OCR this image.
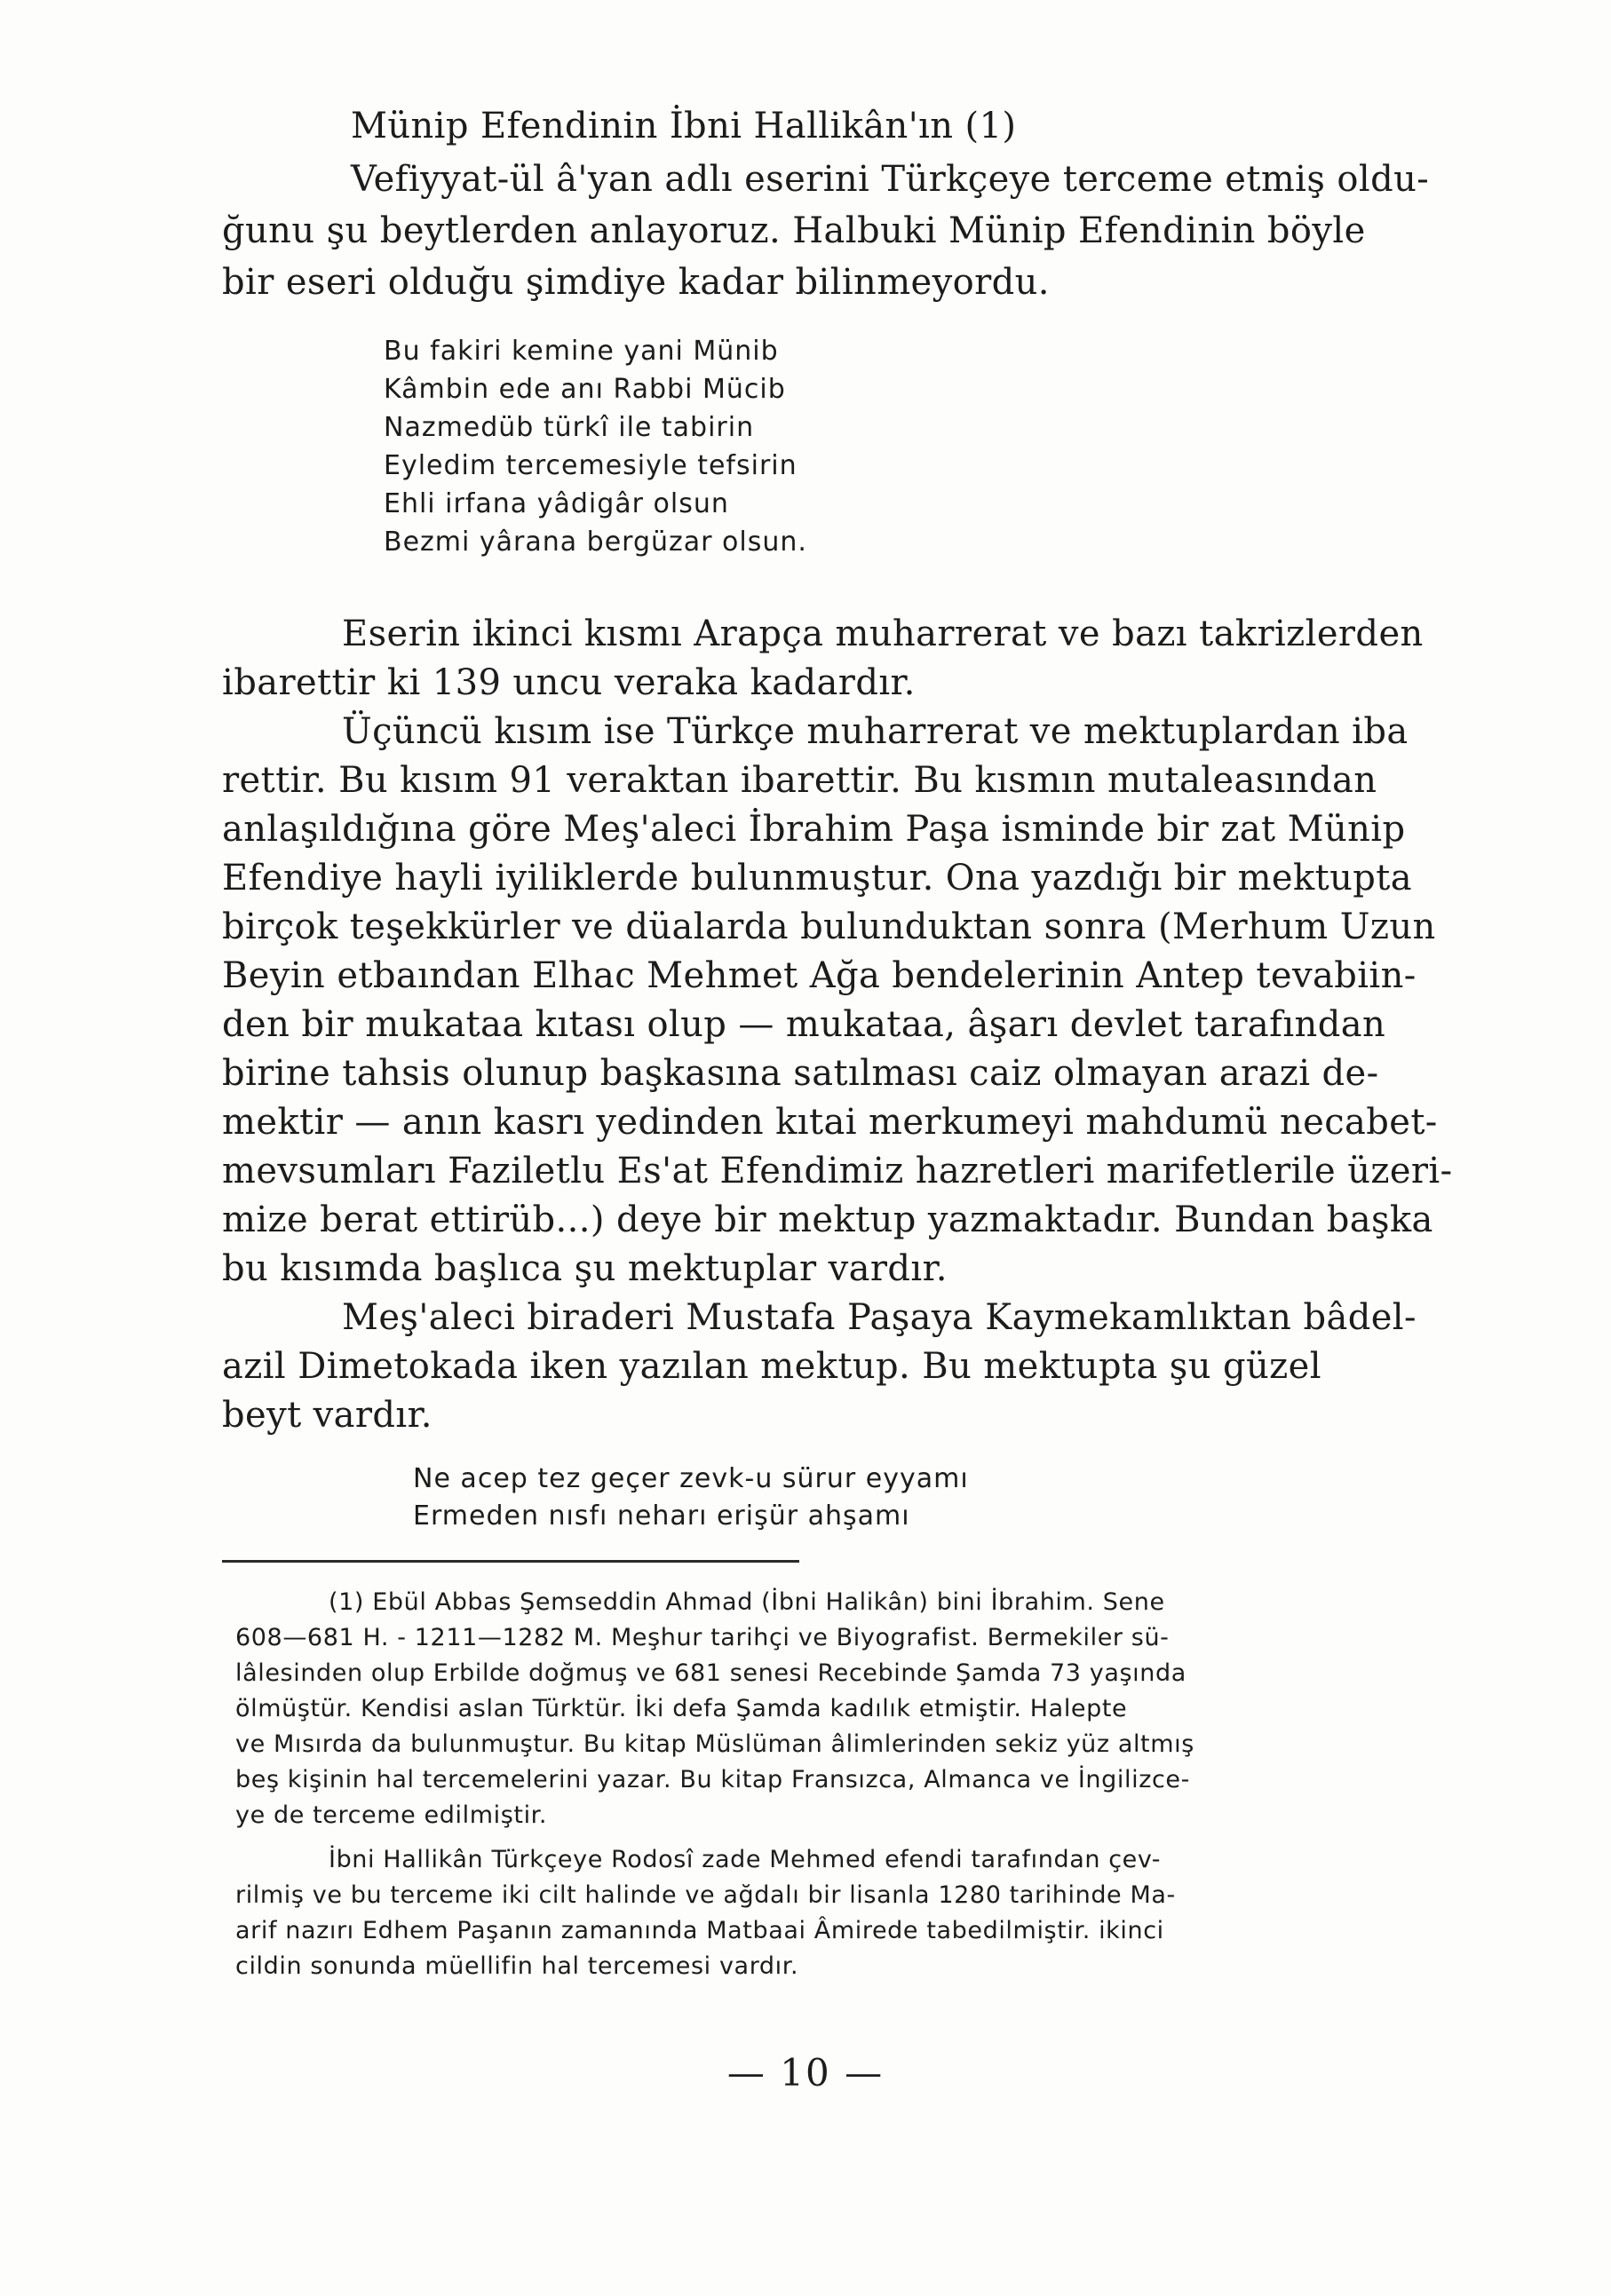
Münip Efendinin İbni Hallikân'ın (1)

Vefiyyat-ül â'yan adlı eserini Türkçeye terceme etmiş oldu-

ğunu şu beytlerden anlayoruz. Halbuki Münip Efendinin böyle

bir eseri olduğu şimdiye kadar bilinmeyordu.

Bu fakiri kemine yani Münib

Kâmbin ede anı Rabbi Mücib

Nazmedüb türkî ile tabirin

Eyledim tercemesiyle tefsirin

Ehli irfana yâdigâr olsun

Bezmi yârana bergüzar olsun.

Eserin ikinci kısmı Arapça muharrerat ve bazı takrizlerden

ibarettir ki 139 uncu veraka kadardır.

Üçüncü kısım ise Türkçe muharrerat ve mektuplardan iba

rettir. Bu kısım 91 veraktan ibarettir. Bu kısmın mutaleasından

anlaşıldığına göre Meş'aleci İbrahim Paşa isminde bir zat Münip

Efendiye hayli iyiliklerde bulunmuştur. Ona yazdığı bir mektupta

birçok teşekkürler ve düalarda bulunduktan sonra (Merhum Uzun

Beyin etbaından Elhac Mehmet Ağa bendelerinin Antep tevabiin-

den bir mukataa kıtası olup — mukataa, âşarı devlet tarafından

birine tahsis olunup başkasına satılması caiz olmayan arazi de-

mektir — anın kasrı yedinden kıtai merkumeyi mahdumü necabet-

mevsumları Faziletlu Es'at Efendimiz hazretleri marifetlerile üzeri-

mize berat ettirüb...) deye bir mektup yazmaktadır. Bundan başka

bu kısımda başlıca şu mektuplar vardır.

Meş'aleci biraderi Mustafa Paşaya Kaymekamlıktan bâdel-

azil Dimetokada iken yazılan mektup. Bu mektupta şu güzel

beyt vardır.

Ne acep tez geçer zevk-u sürur eyyamı

Ermeden nısfı neharı erişür ahşamı

(1) Ebül Abbas Şemseddin Ahmad (İbni Halikân) bini İbrahim. Sene

608—681 H. - 1211—1282 M. Meşhur tarihçi ve Biyografist. Bermekiler sü-

lâlesinden olup Erbilde doğmuş ve 681 senesi Recebinde Şamda 73 yaşında

ölmüştür. Kendisi aslan Türktür. İki defa Şamda kadılık etmiştir. Halepte

ve Mısırda da bulunmuştur. Bu kitap Müslüman âlimlerinden sekiz yüz altmış

beş kişinin hal tercemelerini yazar. Bu kitap Fransızca, Almanca ve İngilizce-

ye de terceme edilmiştir.

İbni Hallikân Türkçeye Rodosî zade Mehmed efendi tarafından çev-

rilmiş ve bu terceme iki cilt halinde ve ağdalı bir lisanla 1280 tarihinde Ma-

arif nazırı Edhem Paşanın zamanında Matbaai Âmirede tabedilmiştir. ikinci

cildin sonunda müellifin hal tercemesi vardır.

— 10 —
